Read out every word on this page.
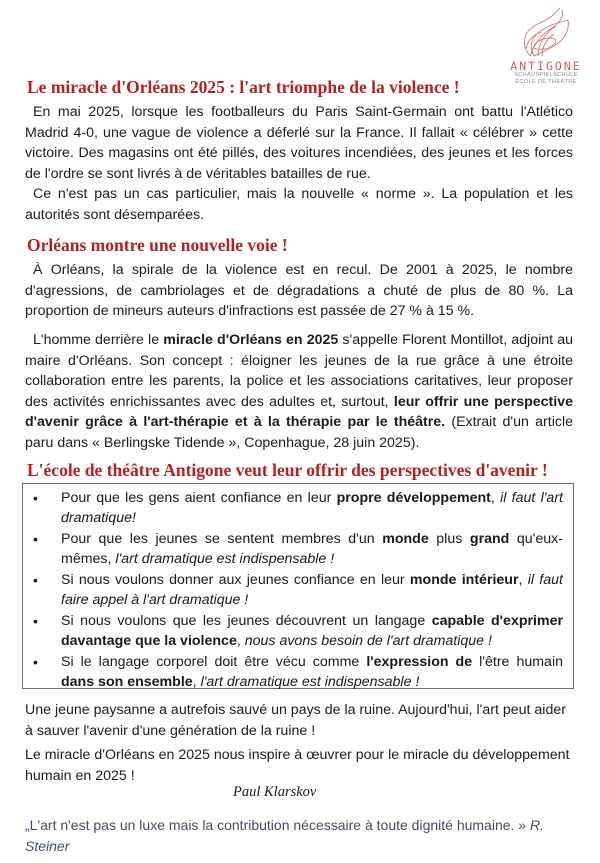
ANTIGONE
SCHAUSPIELSCHULE
ÉCOLE DE THÉÂTRE
Le miracle d'Orléans 2025 : l'art triomphe de la violence !
En mai 2025, lorsque les footballeurs du Paris Saint-Germain ont battu l'Atlético Madrid 4-0, une vague de violence a déferlé sur la France. Il fallait « célébrer » cette victoire. Des magasins ont été pillés, des voitures incendiées, des jeunes et les forces de l'ordre se sont livrés à de véritables batailles de rue.
Ce n'est pas un cas particulier, mais la nouvelle « norme ». La population et les autorités sont désemparées.
Orléans montre une nouvelle voie !
À Orléans, la spirale de la violence est en recul. De 2001 à 2025, le nombre d'agressions, de cambriolages et de dégradations a chuté de plus de 80 %. La proportion de mineurs auteurs d'infractions est passée de 27 % à 15 %.
L'homme derrière le miracle d'Orléans en 2025 s'appelle Florent Montillot, adjoint au maire d'Orléans. Son concept : éloigner les jeunes de la rue grâce à une étroite collaboration entre les parents, la police et les associations caritatives, leur proposer des activités enrichissantes avec des adultes et, surtout, leur offrir une perspective d'avenir grâce à l'art-thérapie et à la thérapie par le théâtre. (Extrait d'un article paru dans « Berlingske Tidende », Copenhague, 28 juin 2025).
L'école de théâtre Antigone veut leur offrir des perspectives d'avenir !
• Pour que les gens aient confiance en leur propre développement, il faut l'art dramatique!
• Pour que les jeunes se sentent membres d'un monde plus grand qu'eux-mêmes, l'art dramatique est indispensable !
• Si nous voulons donner aux jeunes confiance en leur monde intérieur, il faut faire appel à l'art dramatique !
• Si nous voulons que les jeunes découvrent un langage capable d'exprimer davantage que la violence, nous avons besoin de l'art dramatique !
• Si le langage corporel doit être vécu comme l'expression de l'être humain dans son ensemble, l'art dramatique est indispensable !
Une jeune paysanne a autrefois sauvé un pays de la ruine. Aujourd'hui, l'art peut aider à sauver l'avenir d'une génération de la ruine !
Le miracle d'Orléans en 2025 nous inspire à œuvrer pour le miracle du développement humain en 2025 !
Paul Klarskov
„L'art n'est pas un luxe mais la contribution nécessaire à toute dignité humaine. » R. Steiner
